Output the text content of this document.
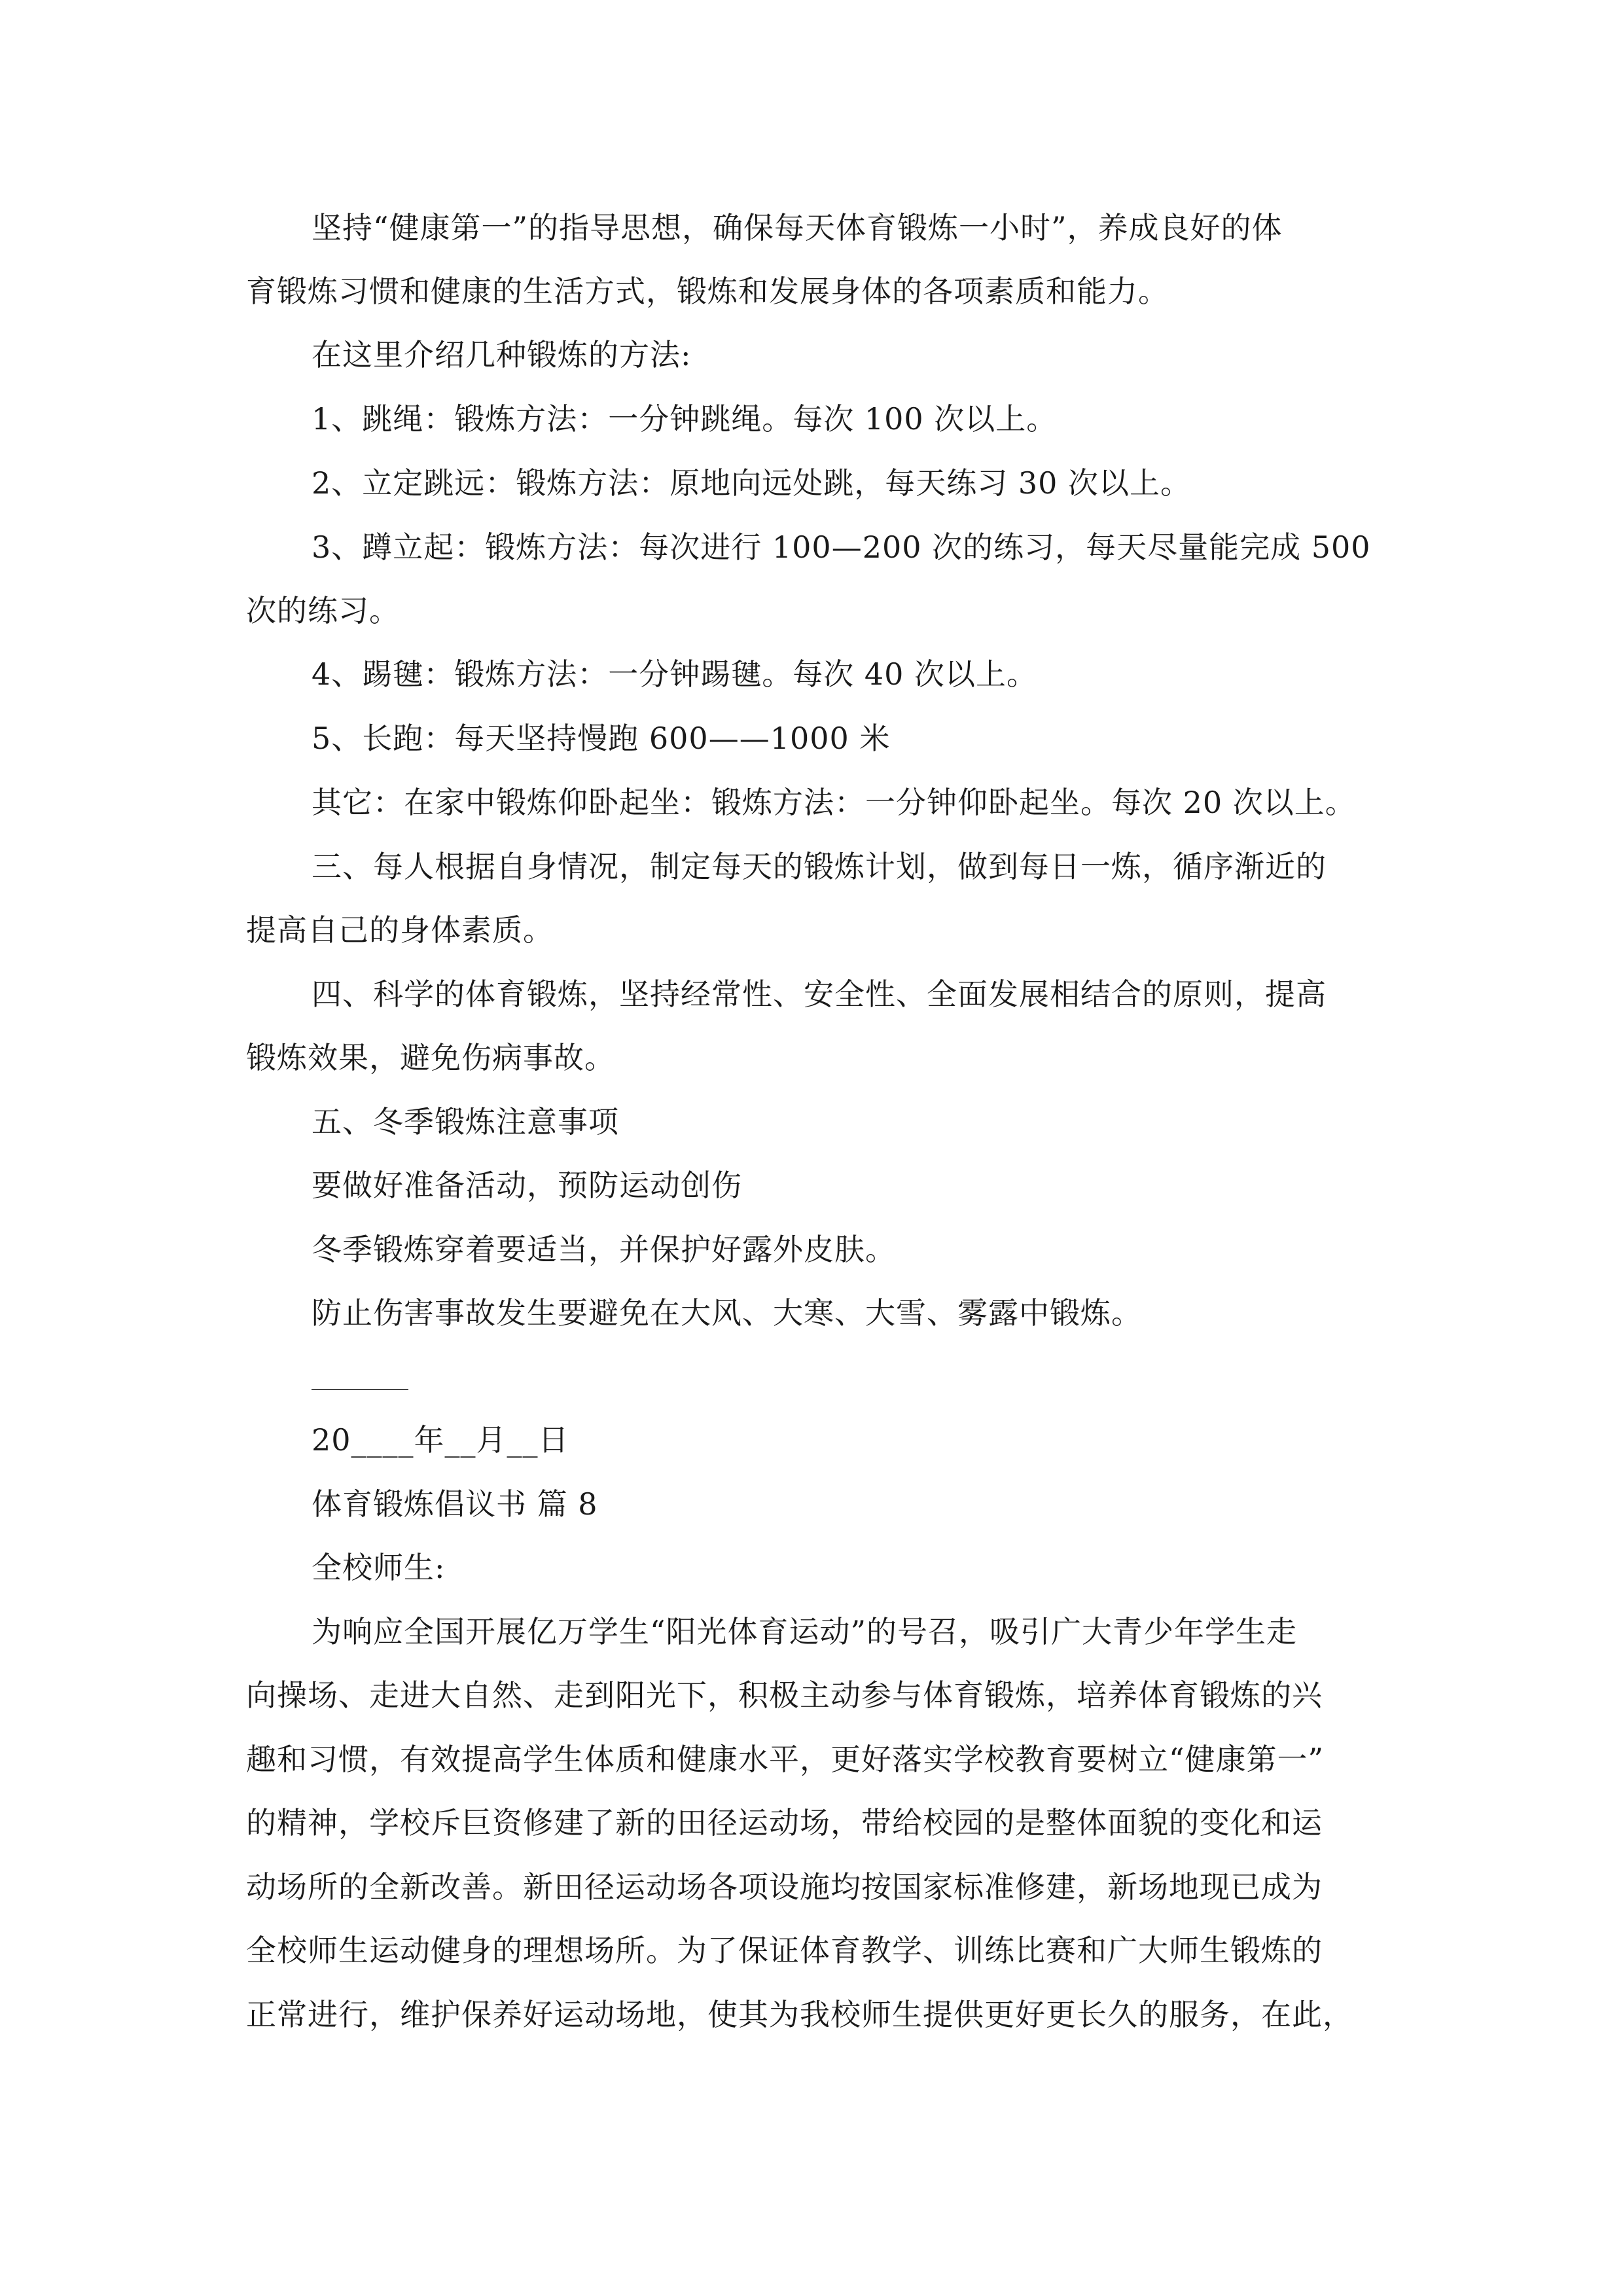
坚持“健康第一”的指导思想，确保每天体育锻炼一小时”，养成良好的体
育锻炼习惯和健康的生活方式，锻炼和发展身体的各项素质和能力。
在这里介绍几种锻炼的方法:
1、跳绳：锻炼方法：一分钟跳绳。每次 100 次以上。
2、立定跳远：锻炼方法：原地向远处跳，每天练习 30 次以上。
3、蹲立起：锻炼方法：每次进行 100—200 次的练习，每天尽量能完成 500
次的练习。
4、踢毽：锻炼方法：一分钟踢毽。每次 40 次以上。
5、长跑：每天坚持慢跑 600——1000 米
其它：在家中锻炼仰卧起坐：锻炼方法：一分钟仰卧起坐。每次 20 次以上。
三、每人根据自身情况，制定每天的锻炼计划，做到每日一炼，循序渐近的
提高自己的身体素质。
四、科学的体育锻炼，坚持经常性、安全性、全面发展相结合的原则，提高
锻炼效果，避免伤病事故。
五、冬季锻炼注意事项
要做好准备活动，预防运动创伤
冬季锻炼穿着要适当，并保护好露外皮肤。
防止伤害事故发生要避免在大风、大寒、大雪、雾露中锻炼。
20____年__月__日
体育锻炼倡议书 篇 8
全校师生:
为响应全国开展亿万学生“阳光体育运动”的号召，吸引广大青少年学生走
向操场、走进大自然、走到阳光下，积极主动参与体育锻炼，培养体育锻炼的兴
趣和习惯，有效提高学生体质和健康水平，更好落实学校教育要树立“健康第一”
的精神，学校斥巨资修建了新的田径运动场，带给校园的是整体面貌的变化和运
动场所的全新改善。新田径运动场各项设施均按国家标准修建，新场地现已成为
全校师生运动健身的理想场所。为了保证体育教学、训练比赛和广大师生锻炼的
正常进行，维护保养好运动场地，使其为我校师生提供更好更长久的服务，在此，
